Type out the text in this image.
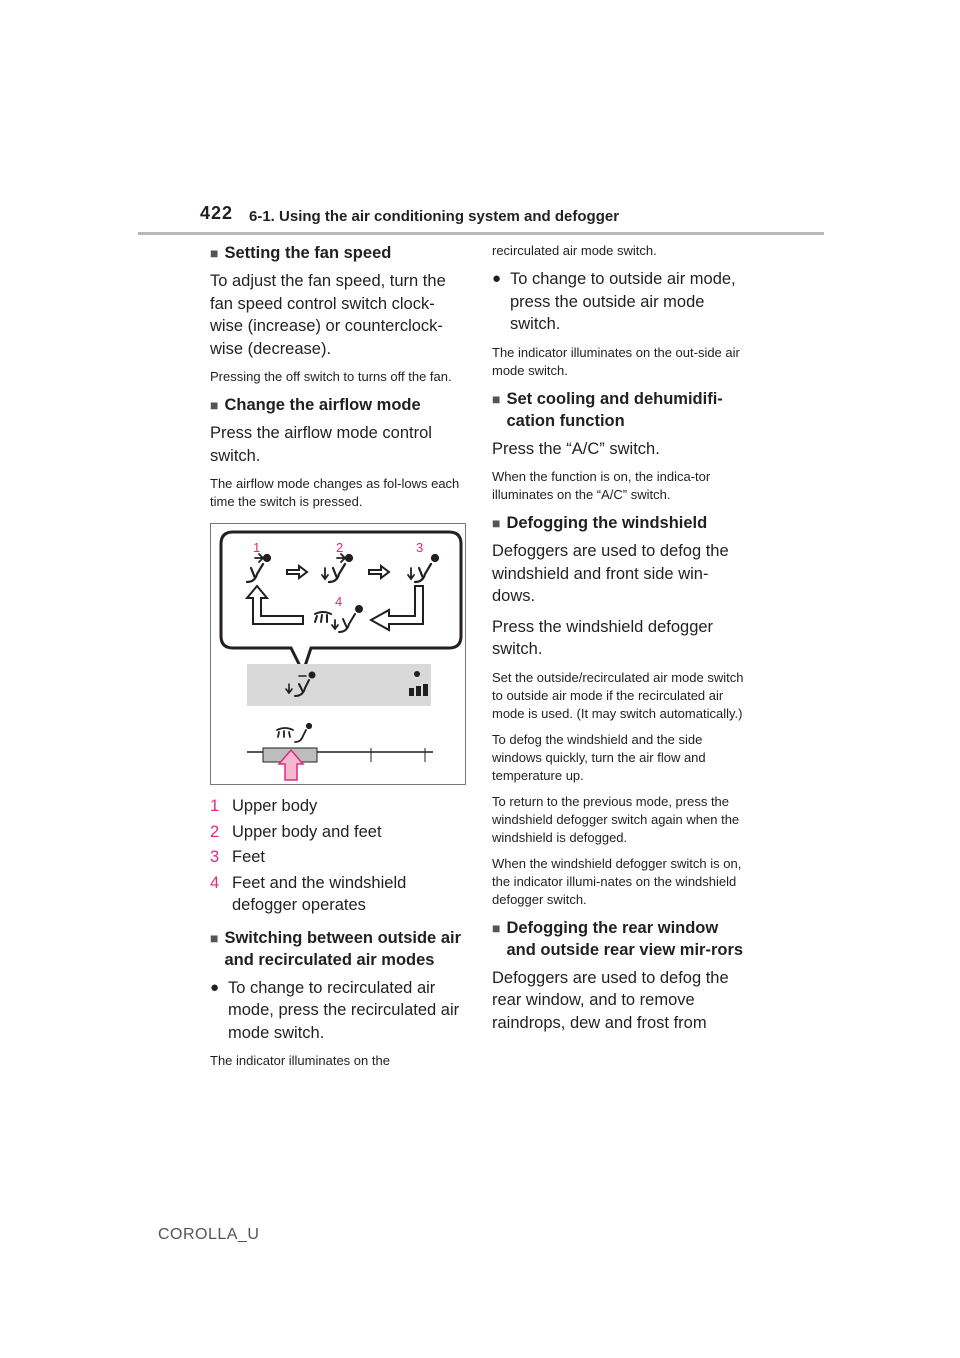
422 6-1. Using the air conditioning system and defogger
■ Setting the fan speed

To adjust the fan speed, turn the fan speed control switch clock-wise (increase) or counterclock-wise (decrease).

Pressing the off switch to turns off the fan.

■ Change the airflow mode

Press the airflow mode control switch.

The airflow mode changes as fol-lows each time the switch is pressed.

1	2	3
4
1 Upper body
2 Upper body and feet
3 Feet
4 Feet and the windshield defogger operates
■ Switching between outside air and recirculated air modes
● To change to recirculated air mode, press the recirculated air mode switch.

The indicator illuminates on the

recirculated air mode switch.

● To change to outside air mode, press the outside air mode switch.

The indicator illuminates on the out-side air mode switch.

■ Set cooling and dehumidifi-cation function

Press the “A/C” switch.

When the function is on, the indica-tor illuminates on the “A/C” switch.

■ Defogging the windshield

Defoggers are used to defog the windshield and front side win-dows.

Press the windshield defogger switch.

Set the outside/recirculated air mode switch to outside air mode if the recirculated air mode is used. (It may switch automatically.)

To defog the windshield and the side windows quickly, turn the air flow and temperature up.

To return to the previous mode, press the windshield defogger switch again when the windshield is defogged.

When the windshield defogger switch is on, the indicator illumi-nates on the windshield defogger switch.

■ Defogging the rear window and outside rear view mir-rors

Defoggers are used to defog the rear window, and to remove raindrops, dew and frost from

COROLLA_U
